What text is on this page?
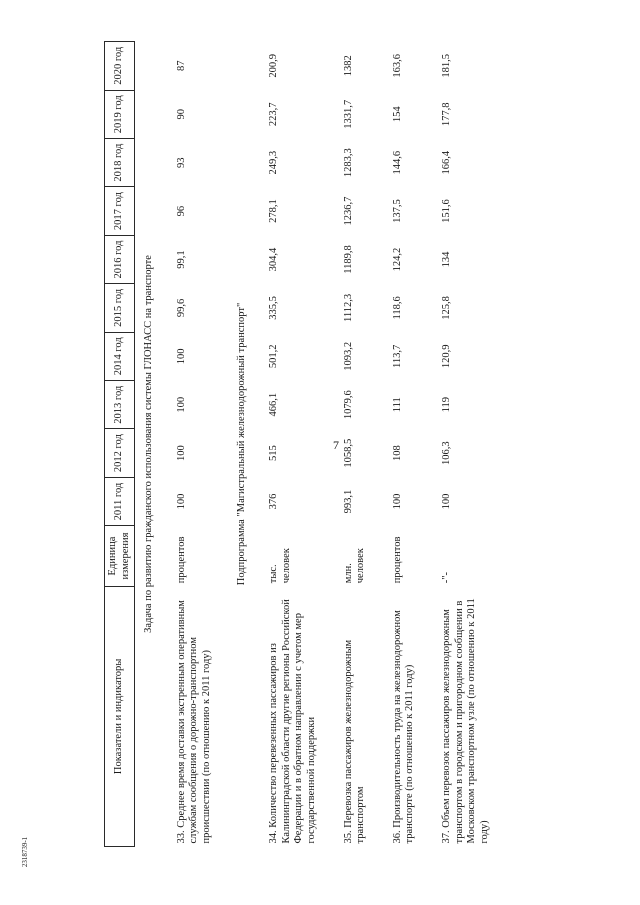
7
2318739-1
Показатели и индикаторы	Единица измерения	2011 год	2012 год	2013 год	2014 год	2015 год	2016 год	2017 год	2018 год	2019 год	2020 год
Задача по развитию гражданского использования системы ГЛОНАСС на транспорте											
33. Среднее время доставки экстренным оперативным службам сообщения о дорожно-транспортном происшествии (по отношению к 2011 году)	процентов	100	100	100	100	99,6	99,1	96	93	90	87
Подпрограмма "Магистральный железнодорожный транспорт"											
34. Количество перевезенных пассажиров из Калининградской области другие регионы Российской Федерации и в обратном направлении с учетом мер государственной поддержки	тыс. человек	376	515	466,1	501,2	335,5	304,4	278,1	249,3	223,7	200,9
35. Перевозка пассажиров железнодорожным транспортом	млн. человек	993,1	1058,5	1079,6	1093,2	1112,3	1189,8	1236,7	1283,3	1331,7	1382
36. Производительность труда на железнодорожном транспорте (по отношению к 2011 году)	процентов	100	108	111	113,7	118,6	124,2	137,5	144,6	154	163,6
37. Объем перевозок пассажиров железнодорожным транспортом в городском и пригородном сообщении в Московском транспортном узле (по отношению к 2011 году)	-"-	100	106,3	119	120,9	125,8	134	151,6	166,4	177,8	181,5
